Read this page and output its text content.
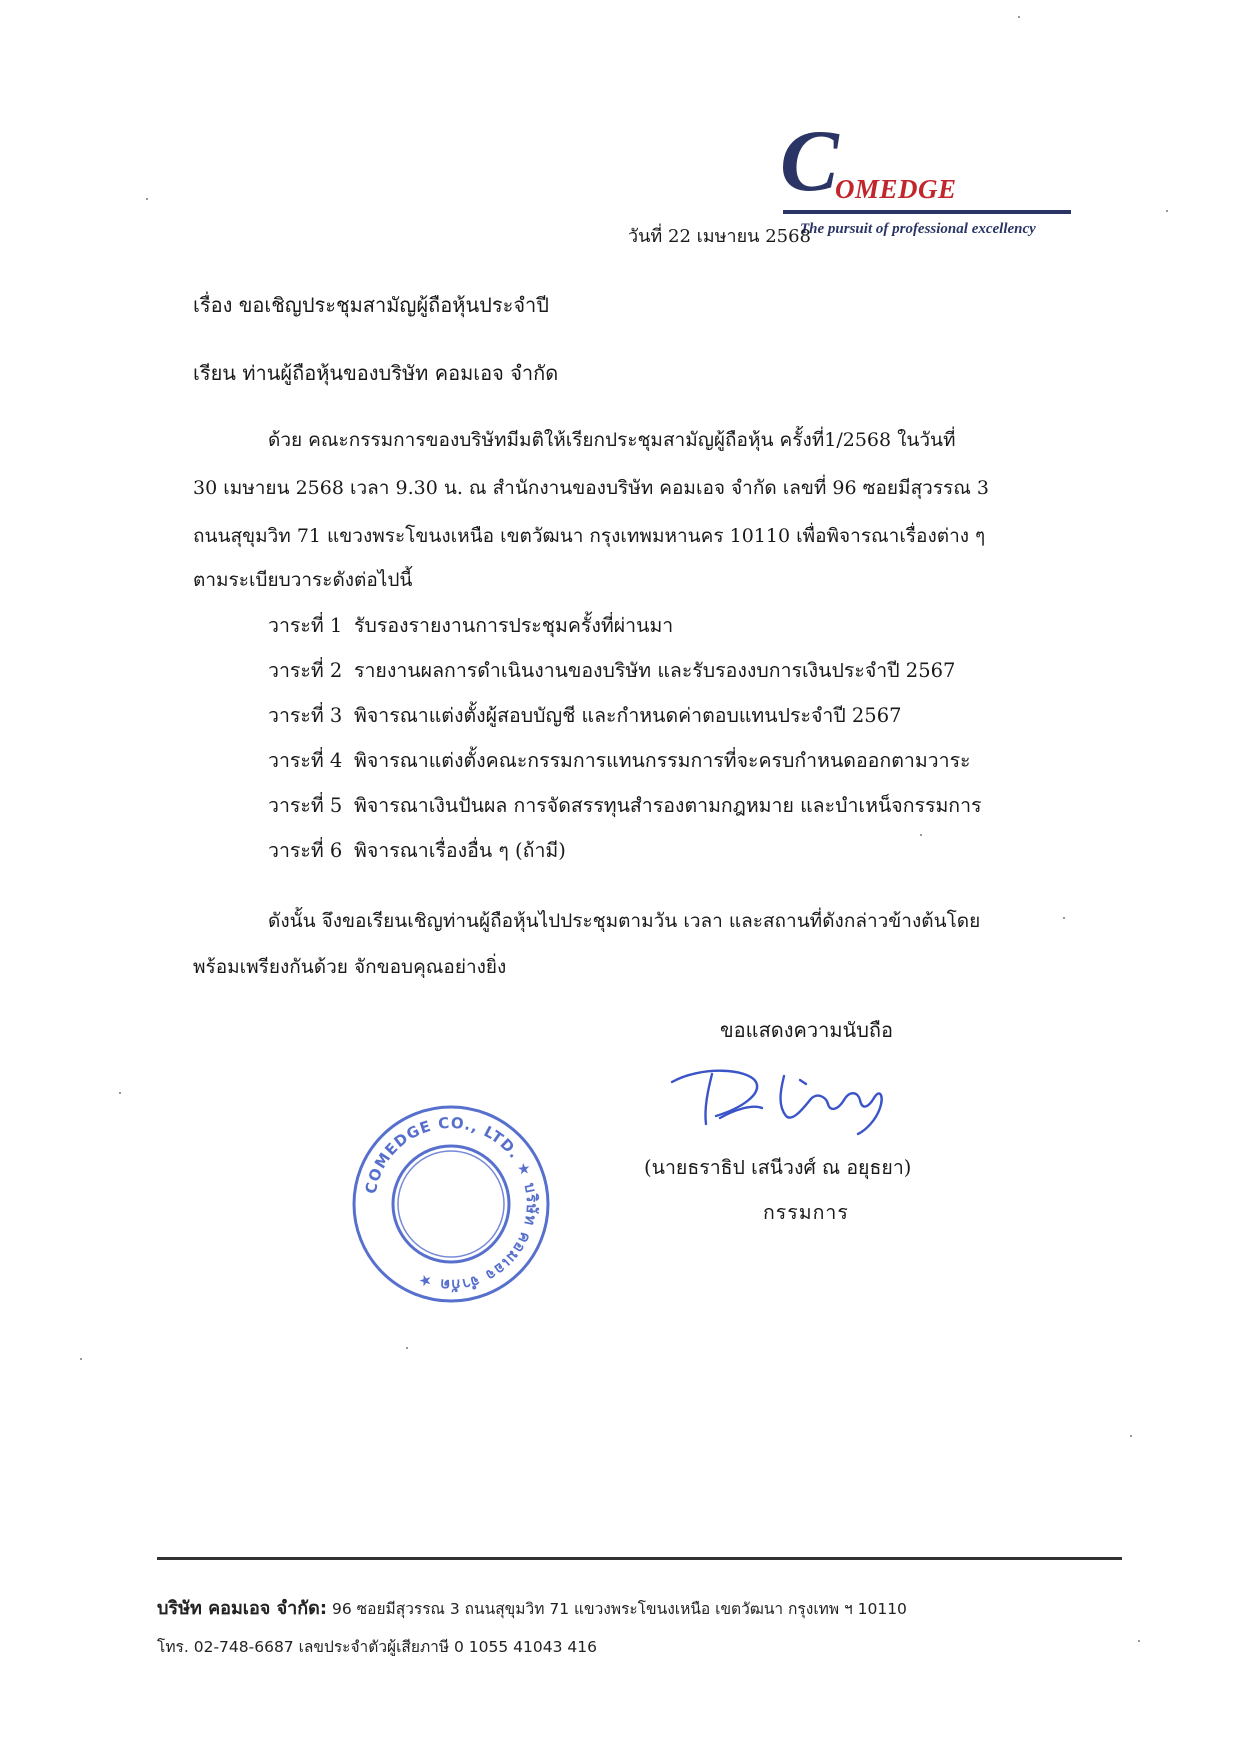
C
OMEDGE
The pursuit of professional excellency
วันที่ 22 เมษายน 2568
เรื่อง ขอเชิญประชุมสามัญผู้ถือหุ้นประจำปี
เรียน ท่านผู้ถือหุ้นของบริษัท คอมเอจ จำกัด
ด้วย คณะกรรมการของบริษัทมีมติให้เรียกประชุมสามัญผู้ถือหุ้น ครั้งที่1/2568 ในวันที่
30 เมษายน 2568 เวลา 9.30 น. ณ สำนักงานของบริษัท คอมเอจ จำกัด เลขที่ 96 ซอยมีสุวรรณ 3
ถนนสุขุมวิท 71 แขวงพระโขนงเหนือ เขตวัฒนา กรุงเทพมหานคร 10110 เพื่อพิจารณาเรื่องต่าง ๆ
ตามระเบียบวาระดังต่อไปนี้
วาระที่ 1 รับรองรายงานการประชุมครั้งที่ผ่านมา
วาระที่ 2 รายงานผลการดำเนินงานของบริษัท และรับรองงบการเงินประจำปี 2567
วาระที่ 3 พิจารณาแต่งตั้งผู้สอบบัญชี และกำหนดค่าตอบแทนประจำปี 2567
วาระที่ 4 พิจารณาแต่งตั้งคณะกรรมการแทนกรรมการที่จะครบกำหนดออกตามวาระ
วาระที่ 5 พิจารณาเงินปันผล การจัดสรรทุนสำรองตามกฎหมาย และบำเหน็จกรรมการ
วาระที่ 6 พิจารณาเรื่องอื่น ๆ (ถ้ามี)
ดังนั้น จึงขอเรียนเชิญท่านผู้ถือหุ้นไปประชุมตามวัน เวลา และสถานที่ดังกล่าวข้างต้นโดย
พร้อมเพรียงกันด้วย จักขอบคุณอย่างยิ่ง
ขอแสดงความนับถือ
COMEDGE CO., LTD. ★ บริษัท คอมเอจ จำกัด ★
(นายธราธิป เสนีวงศ์ ณ อยุธยา)
กรรมการ
บริษัท คอมเอจ จำกัด: 96 ซอยมีสุวรรณ 3 ถนนสุขุมวิท 71 แขวงพระโขนงเหนือ เขตวัฒนา กรุงเทพ ฯ 10110
โทร. 02-748-6687 เลขประจำตัวผู้เสียภาษี 0 1055 41043 416
